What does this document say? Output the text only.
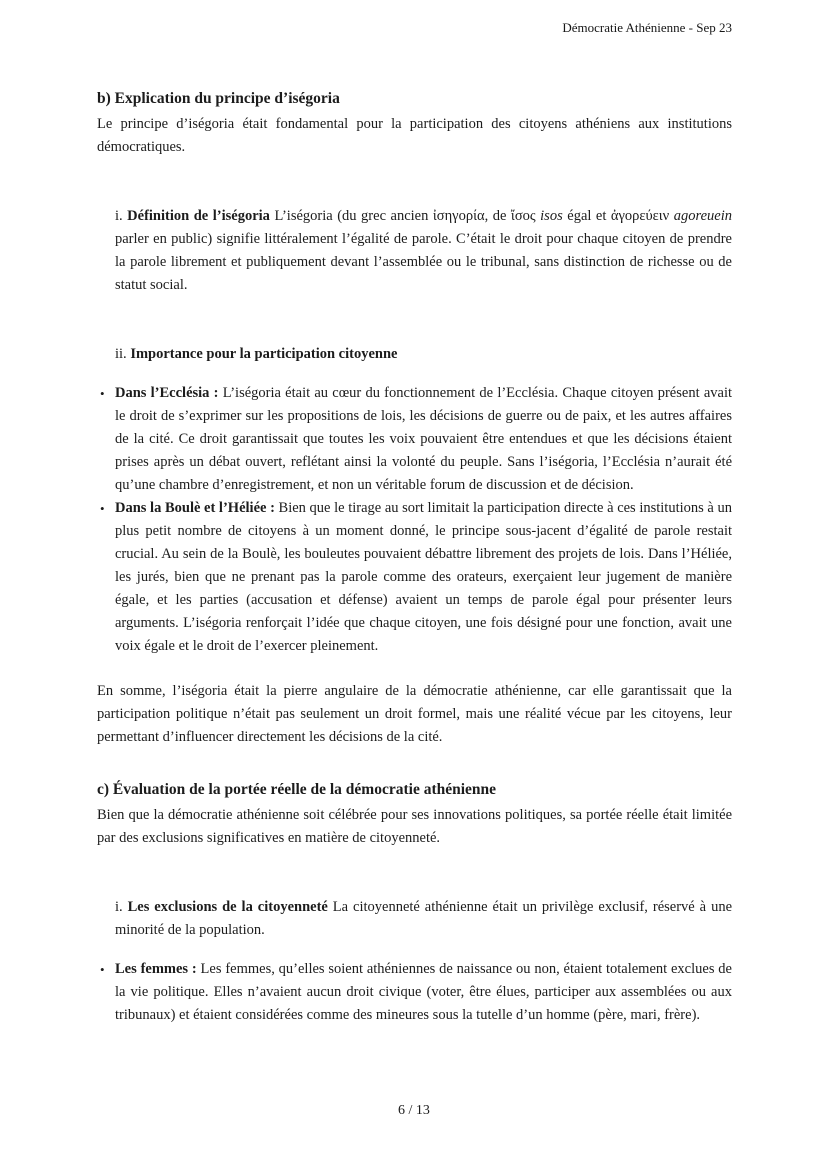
Démocratie Athénienne - Sep 23
b) Explication du principe d’iségoria
Le principe d’iségoria était fondamental pour la participation des citoyens athéniens aux institutions démocratiques.
i. Définition de l’iségoria L’iségoria (du grec ancien ἰσηγορία, de ἴσος isos égal et ἀγορεύειν agoreuein parler en public) signifie littéralement l’égalité de parole. C’était le droit pour chaque citoyen de prendre la parole librement et publiquement devant l’assemblée ou le tribunal, sans distinction de richesse ou de statut social.
ii. Importance pour la participation citoyenne
• Dans l’Ecclésia : L’iségoria était au cœur du fonctionnement de l’Ecclésia. Chaque citoyen présent avait le droit de s’exprimer sur les propositions de lois, les décisions de guerre ou de paix, et les autres affaires de la cité. Ce droit garantissait que toutes les voix pouvaient être entendues et que les décisions étaient prises après un débat ouvert, reflétant ainsi la volonté du peuple. Sans l’iségoria, l’Ecclésia n’aurait été qu’une chambre d’enregistrement, et non un véritable forum de discussion et de décision.
• Dans la Boulè et l’Héliée : Bien que le tirage au sort limitait la participation directe à ces institutions à un plus petit nombre de citoyens à un moment donné, le principe sous-jacent d’égalité de parole restait crucial. Au sein de la Boulè, les bouleutes pouvaient débattre librement des projets de lois. Dans l’Héliée, les jurés, bien que ne prenant pas la parole comme des orateurs, exerçaient leur jugement de manière égale, et les parties (accusation et défense) avaient un temps de parole égal pour présenter leurs arguments. L’iségoria renforçait l’idée que chaque citoyen, une fois désigné pour une fonction, avait une voix égale et le droit de l’exercer pleinement.
En somme, l’iségoria était la pierre angulaire de la démocratie athénienne, car elle garantissait que la participation politique n’était pas seulement un droit formel, mais une réalité vécue par les citoyens, leur permettant d’influencer directement les décisions de la cité.
c) Évaluation de la portée réelle de la démocratie athénienne
Bien que la démocratie athénienne soit célébrée pour ses innovations politiques, sa portée réelle était limitée par des exclusions significatives en matière de citoyenneté.
i. Les exclusions de la citoyenneté La citoyenneté athénienne était un privilège exclusif, réservé à une minorité de la population.
• Les femmes : Les femmes, qu’elles soient athéniennes de naissance ou non, étaient totalement exclues de la vie politique. Elles n’avaient aucun droit civique (voter, être élues, participer aux assemblées ou aux tribunaux) et étaient considérées comme des mineures sous la tutelle d’un homme (père, mari, frère).
6 / 13
